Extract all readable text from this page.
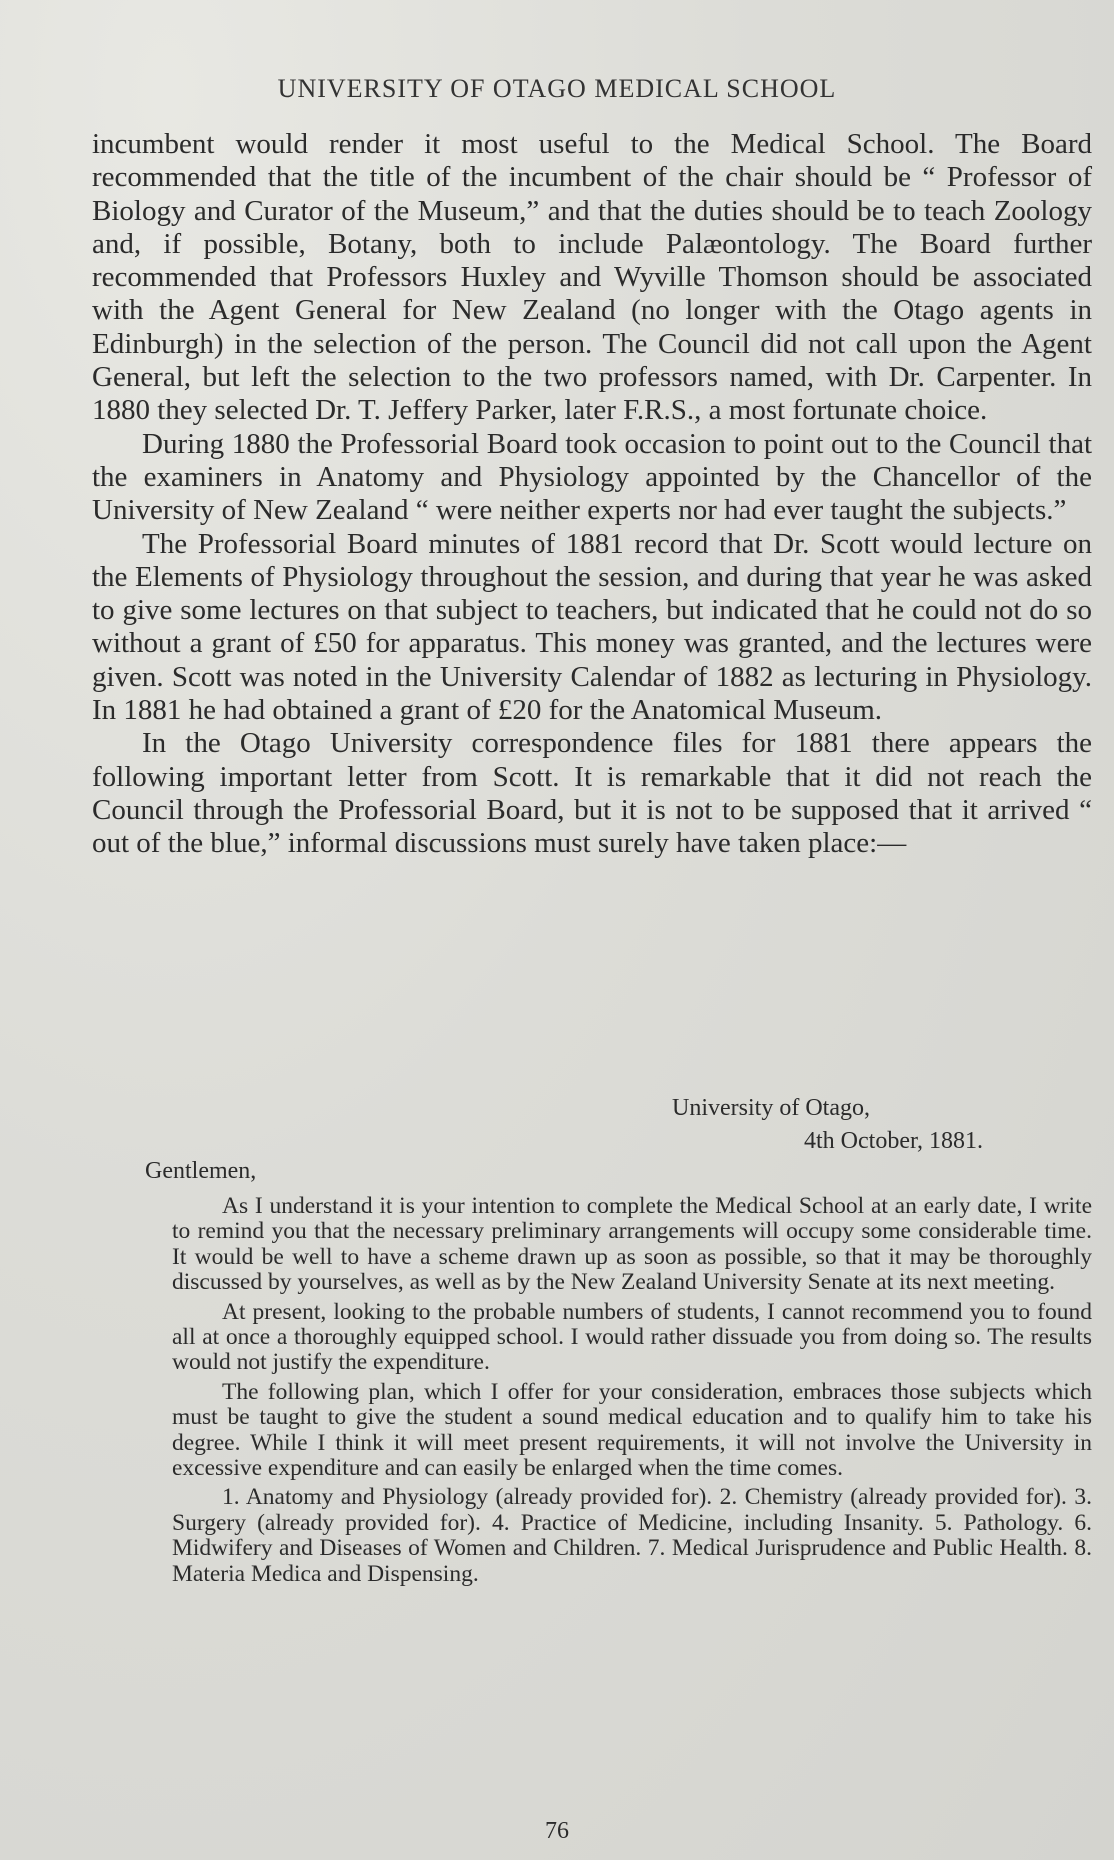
UNIVERSITY OF OTAGO MEDICAL SCHOOL

incumbent would render it most useful to the Medical School. The Board recommended that the title of the incumbent of the chair should be “ Professor of Biology and Curator of the Museum,” and that the duties should be to teach Zoology and, if possible, Botany, both to include Palæontology. The Board further recommended that Professors Huxley and Wyville Thomson should be associated with the Agent General for New Zealand (no longer with the Otago agents in Edinburgh) in the selection of the person. The Council did not call upon the Agent General, but left the selection to the two professors named, with Dr. Carpenter. In 1880 they selected Dr. T. Jeffery Parker, later F.R.S., a most fortunate choice.

During 1880 the Professorial Board took occasion to point out to the Council that the examiners in Anatomy and Physiology appointed by the Chancellor of the University of New Zealand “ were neither experts nor had ever taught the subjects.”

The Professorial Board minutes of 1881 record that Dr. Scott would lecture on the Elements of Physiology throughout the session, and during that year he was asked to give some lectures on that subject to teachers, but indicated that he could not do so without a grant of £50 for apparatus. This money was granted, and the lectures were given. Scott was noted in the University Calendar of 1882 as lecturing in Physiology. In 1881 he had obtained a grant of £20 for the Anatomical Museum.

In the Otago University correspondence files for 1881 there appears the following important letter from Scott. It is remarkable that it did not reach the Council through the Professorial Board, but it is not to be supposed that it arrived “ out of the blue,” informal discussions must surely have taken place:—

University of Otago,
4th October, 1881.
Gentlemen,

As I understand it is your intention to complete the Medical School at an early date, I write to remind you that the necessary preliminary arrangements will occupy some considerable time. It would be well to have a scheme drawn up as soon as possible, so that it may be thoroughly discussed by yourselves, as well as by the New Zealand University Senate at its next meeting.

At present, looking to the probable numbers of students, I cannot recommend you to found all at once a thoroughly equipped school. I would rather dissuade you from doing so. The results would not justify the expenditure.

The following plan, which I offer for your consideration, embraces those subjects which must be taught to give the student a sound medical education and to qualify him to take his degree. While I think it will meet present requirements, it will not involve the University in excessive expenditure and can easily be enlarged when the time comes.

1. Anatomy and Physiology (already provided for). 2. Chemistry (already provided for). 3. Surgery (already provided for). 4. Practice of Medicine, including Insanity. 5. Pathology. 6. Midwifery and Diseases of Women and Children. 7. Medical Jurisprudence and Public Health. 8. Materia Medica and Dispensing.

76
